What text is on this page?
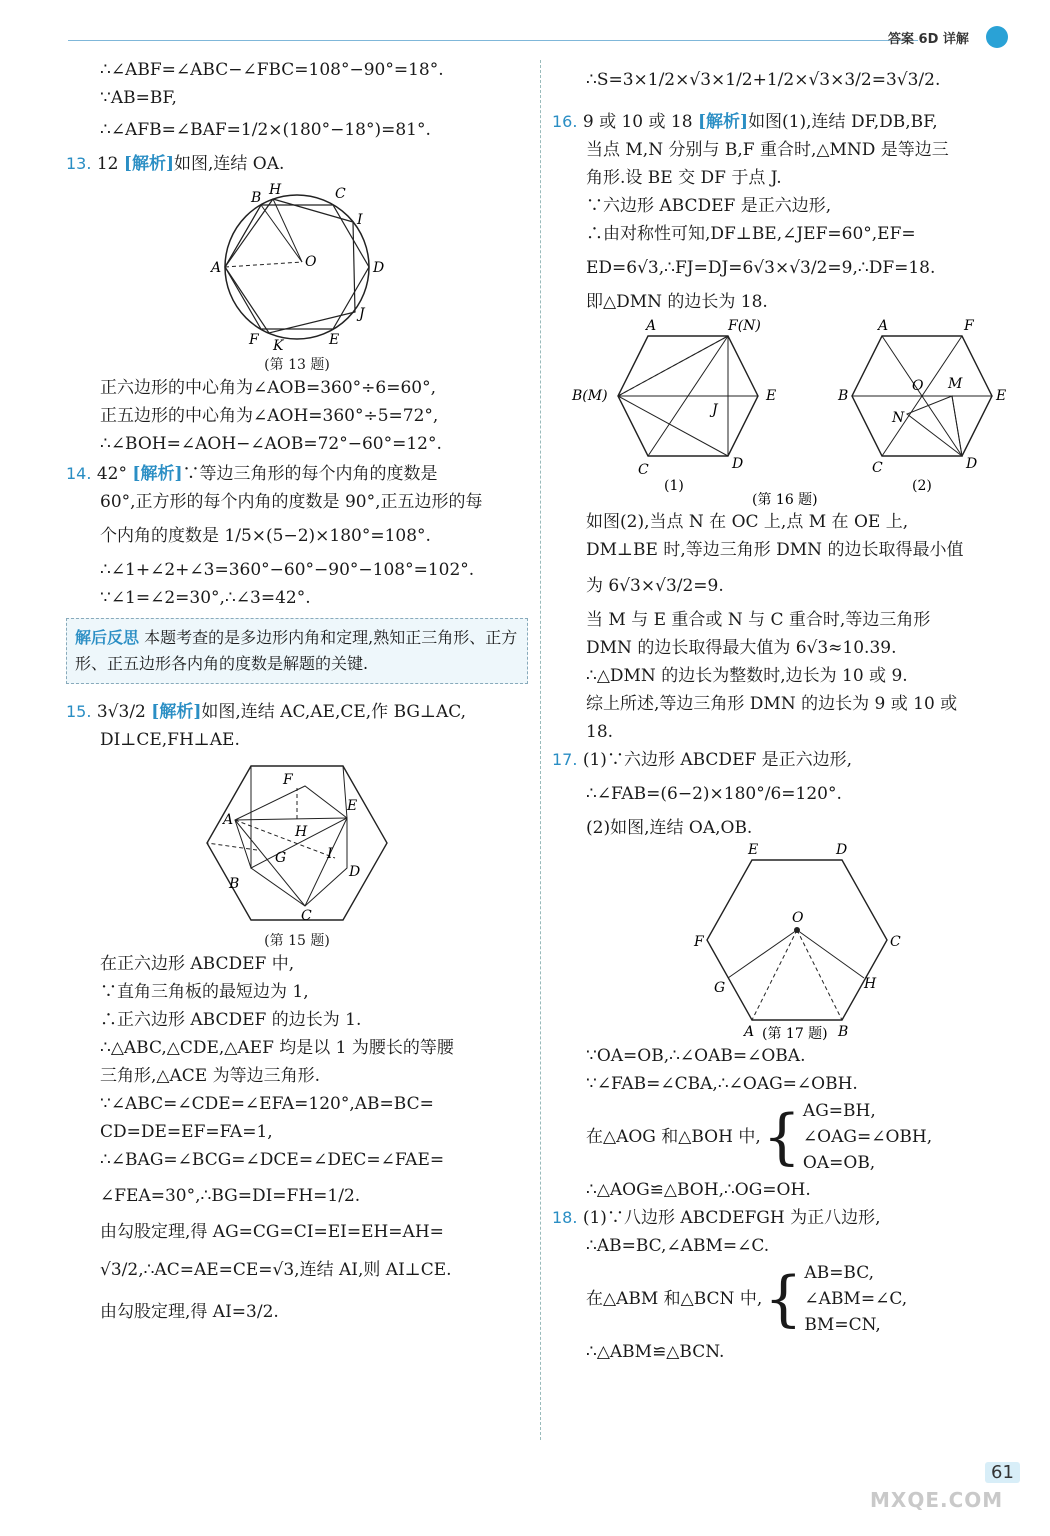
答案 6D 详解
∴∠ABF=∠ABC−∠FBC=108°−90°=18°.
∵AB=BF,
∴∠AFB=∠BAF=1/2×(180°−18°)=81°.
13. 12 [解析]如图,连结 OA.
B H	C
I
A	O	D
J
F K	E
(第 13 题)
正六边形的中心角为∠AOB=360°÷6=60°,
正五边形的中心角为∠AOH=360°÷5=72°,
∴∠BOH=∠AOH−∠AOB=72°−60°=12°.
14. 42° [解析]∵等边三角形的每个内角的度数是
60°,正方形的每个内角的度数是 90°,正五边形的每
个内角的度数是 1/5×(5−2)×180°=108°.
∴∠1+∠2+∠3=360°−60°−90°−108°=102°.
∵∠1=∠2=30°,∴∠3=42°.
解后反思 本题考查的是多边形内角和定理,熟知正三角形、正方形、正五边形各内角的度数是解题的关键.
15. 3√3/2 [解析]如图,连结 AC,AE,CE,作 BG⊥AC,
DI⊥CE,FH⊥AE.
F
E
A
H
G	I
D
B
C
(第 15 题)
在正六边形 ABCDEF 中,
∵直角三角板的最短边为 1,
∴正六边形 ABCDEF 的边长为 1.
∴△ABC,△CDE,△AEF 均是以 1 为腰长的等腰
三角形,△ACE 为等边三角形.
∵∠ABC=∠CDE=∠EFA=120°,AB=BC=
CD=DE=EF=FA=1,
∴∠BAG=∠BCG=∠DCE=∠DEC=∠FAE=
∠FEA=30°,∴BG=DI=FH=1/2.
由勾股定理,得 AG=CG=CI=EI=EH=AH=
√3/2,∴AC=AE=CE=√3,连结 AI,则 AI⊥CE.
由勾股定理,得 AI=3/2.
∴S=3×1/2×√3×1/2+1/2×√3×3/2=3√3/2.
16. 9 或 10 或 18 [解析]如图(1),连结 DF,DB,BF,
当点 M,N 分别与 B,F 重合时,△MND 是等边三
角形.设 BE 交 DF 于点 J.
∵六边形 ABCDEF 是正六边形,
∴由对称性可知,DF⊥BE,∠JEF=60°,EF=
ED=6√3,∴FJ=DJ=6√3×√3/2=9,∴DF=18.
即△DMN 的边长为 18.
A	F(N)
B(M)	E
J
C	D
(1)
A	F
B
O M
E
N
C	D
(2)
(第 16 题)
如图(2),当点 N 在 OC 上,点 M 在 OE 上,
DM⊥BE 时,等边三角形 DMN 的边长取得最小值
为 6√3×√3/2=9.
当 M 与 E 重合或 N 与 C 重合时,等边三角形
DMN 的边长取得最大值为 6√3≈10.39.
∴△DMN 的边长为整数时,边长为 10 或 9.
综上所述,等边三角形 DMN 的边长为 9 或 10 或
18.
17. (1)∵六边形 ABCDEF 是正六边形,
∴∠FAB=(6−2)×180°/6=120°.
(2)如图,连结 OA,OB.
E	D
F
O
C
G	H
A	B
(第 17 题)
∵OA=OB,∴∠OAB=∠OBA.
∵∠FAB=∠CBA,∴∠OAG=∠OBH.
在△AOG 和△BOH 中, { AG=BH,
∠OAG=∠OBH,
OA=OB,
∴△AOG≌△BOH,∴OG=OH.
18. (1)∵八边形 ABCDEFGH 为正八边形,
∴AB=BC,∠ABM=∠C.
在△ABM 和△BCN 中, { AB=BC,
∠ABM=∠C,
BM=CN,
∴△ABM≌△BCN.
61
MXQE.COM
